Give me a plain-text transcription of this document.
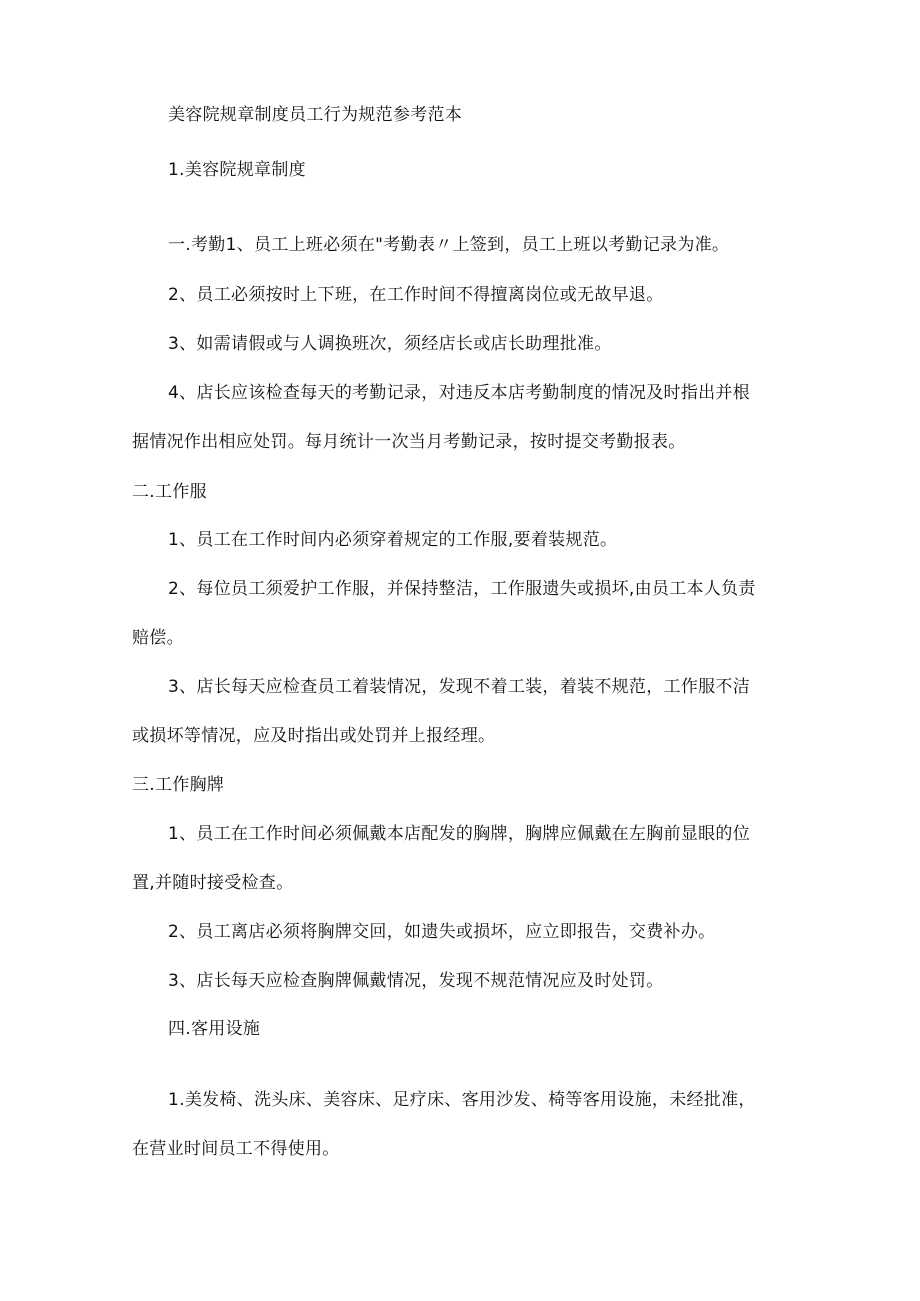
美容院规章制度员工行为规范参考范本
1.美容院规章制度
一.考勤1、员工上班必须在"考勤表〃上签到，员工上班以考勤记录为准。
2、员工必须按时上下班，在工作时间不得擅离岗位或无故早退。
3、如需请假或与人调换班次，须经店长或店长助理批准。
4、店长应该检查每天的考勤记录，对违反本店考勤制度的情况及时指出并根
据情况作出相应处罚。每月统计一次当月考勤记录，按时提交考勤报表。
二.工作服
1、员工在工作时间内必须穿着规定的工作服,要着装规范。
2、每位员工须爱护工作服，并保持整洁，工作服遗失或损坏,由员工本人负责
赔偿。
3、店长每天应检查员工着装情况，发现不着工装，着装不规范，工作服不洁
或损坏等情况，应及时指出或处罚并上报经理。
三.工作胸牌
1、员工在工作时间必须佩戴本店配发的胸牌，胸牌应佩戴在左胸前显眼的位
置,并随时接受检查。
2、员工离店必须将胸牌交回，如遗失或损坏，应立即报告，交费补办。
3、店长每天应检查胸牌佩戴情况，发现不规范情况应及时处罚。
四.客用设施
1.美发椅、洗头床、美容床、足疗床、客用沙发、椅等客用设施，未经批准，
在营业时间员工不得使用。
